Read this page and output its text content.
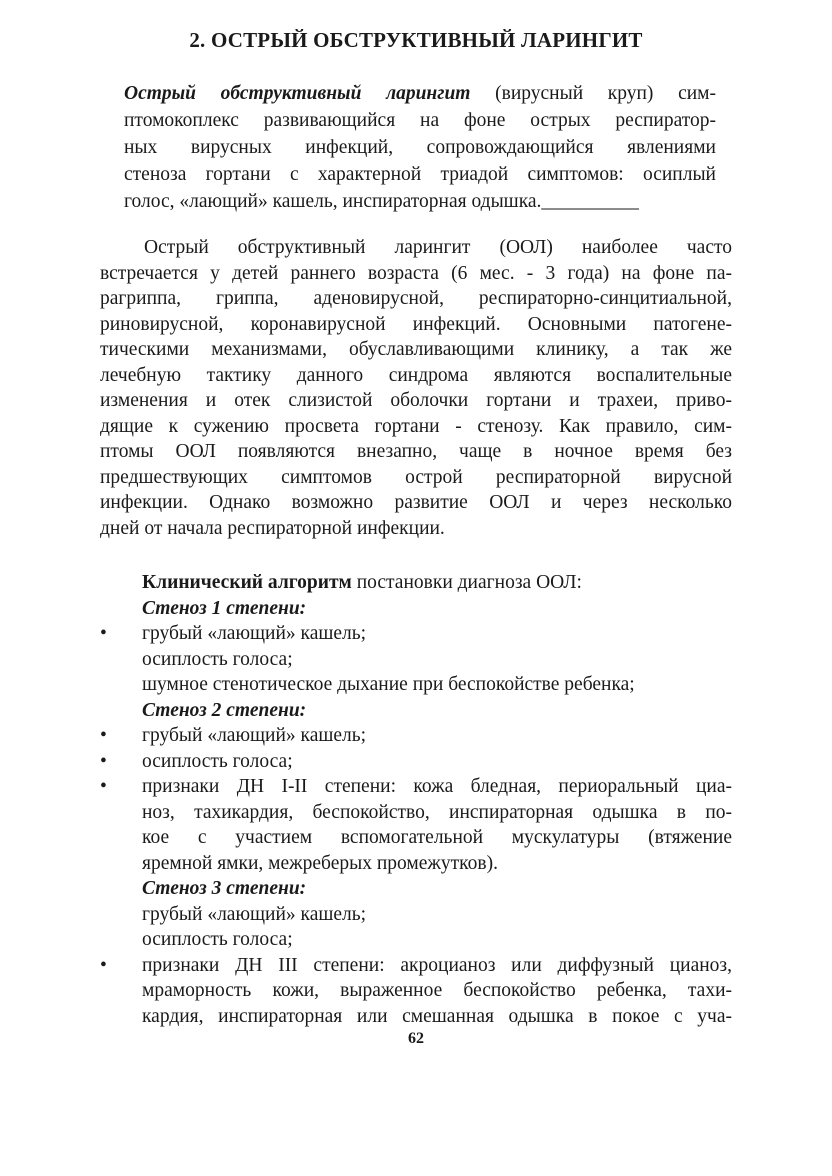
2. ОСТРЫЙ ОБСТРУКТИВНЫЙ ЛАРИНГИТ
Острый обструктивный ларингит (вирусный круп) сим-
птомокоплекс развивающийся на фоне острых респиратор-
ных вирусных инфекций, сопровождающийся явлениями
стеноза гортани с характерной триадой симптомов: осиплый
голос, «лающий» кашель, инспираторная одышка.__________
Острый обструктивный ларингит (ООЛ) наиболее часто
встречается у детей раннего возраста (6 мес. - 3 года) на фоне па-
рагриппа, гриппа, аденовирусной, респираторно-синцитиальной,
риновирусной, коронавирусной инфекций. Основными патогене-
тическими механизмами, обуславливающими клинику, а так же
лечебную тактику данного синдрома являются воспалительные
изменения и отек слизистой оболочки гортани и трахеи, приво-
дящие к сужению просвета гортани - стенозу. Как правило, сим-
птомы ООЛ появляются внезапно, чаще в ночное время без
предшествующих симптомов острой респираторной вирусной
инфекции. Однако возможно развитие ООЛ и через несколько
дней от начала респираторной инфекции.
Клинический алгоритм постановки диагноза ООЛ:
Стеноз 1 степени:
•	грубый «лающий» кашель;
осиплость голоса;
шумное стенотическое дыхание при беспокойстве ребенка;
Стеноз 2 степени:
•	грубый «лающий» кашель;
•	осиплость голоса;
•	признаки ДН I-II степени: кожа бледная, периоральный циа-
ноз, тахикардия, беспокойство, инспираторная одышка в по-
кое с участием вспомогательной мускулатуры (втяжение
яремной ямки, межреберых промежутков).
Стеноз 3 степени:
грубый «лающий» кашель;
осиплость голоса;
•	признаки ДН III степени: акроцианоз или диффузный цианоз,
мраморность кожи, выраженное беспокойство ребенка, тахи-
кардия, инспираторная или смешанная одышка в покое с уча-
62
